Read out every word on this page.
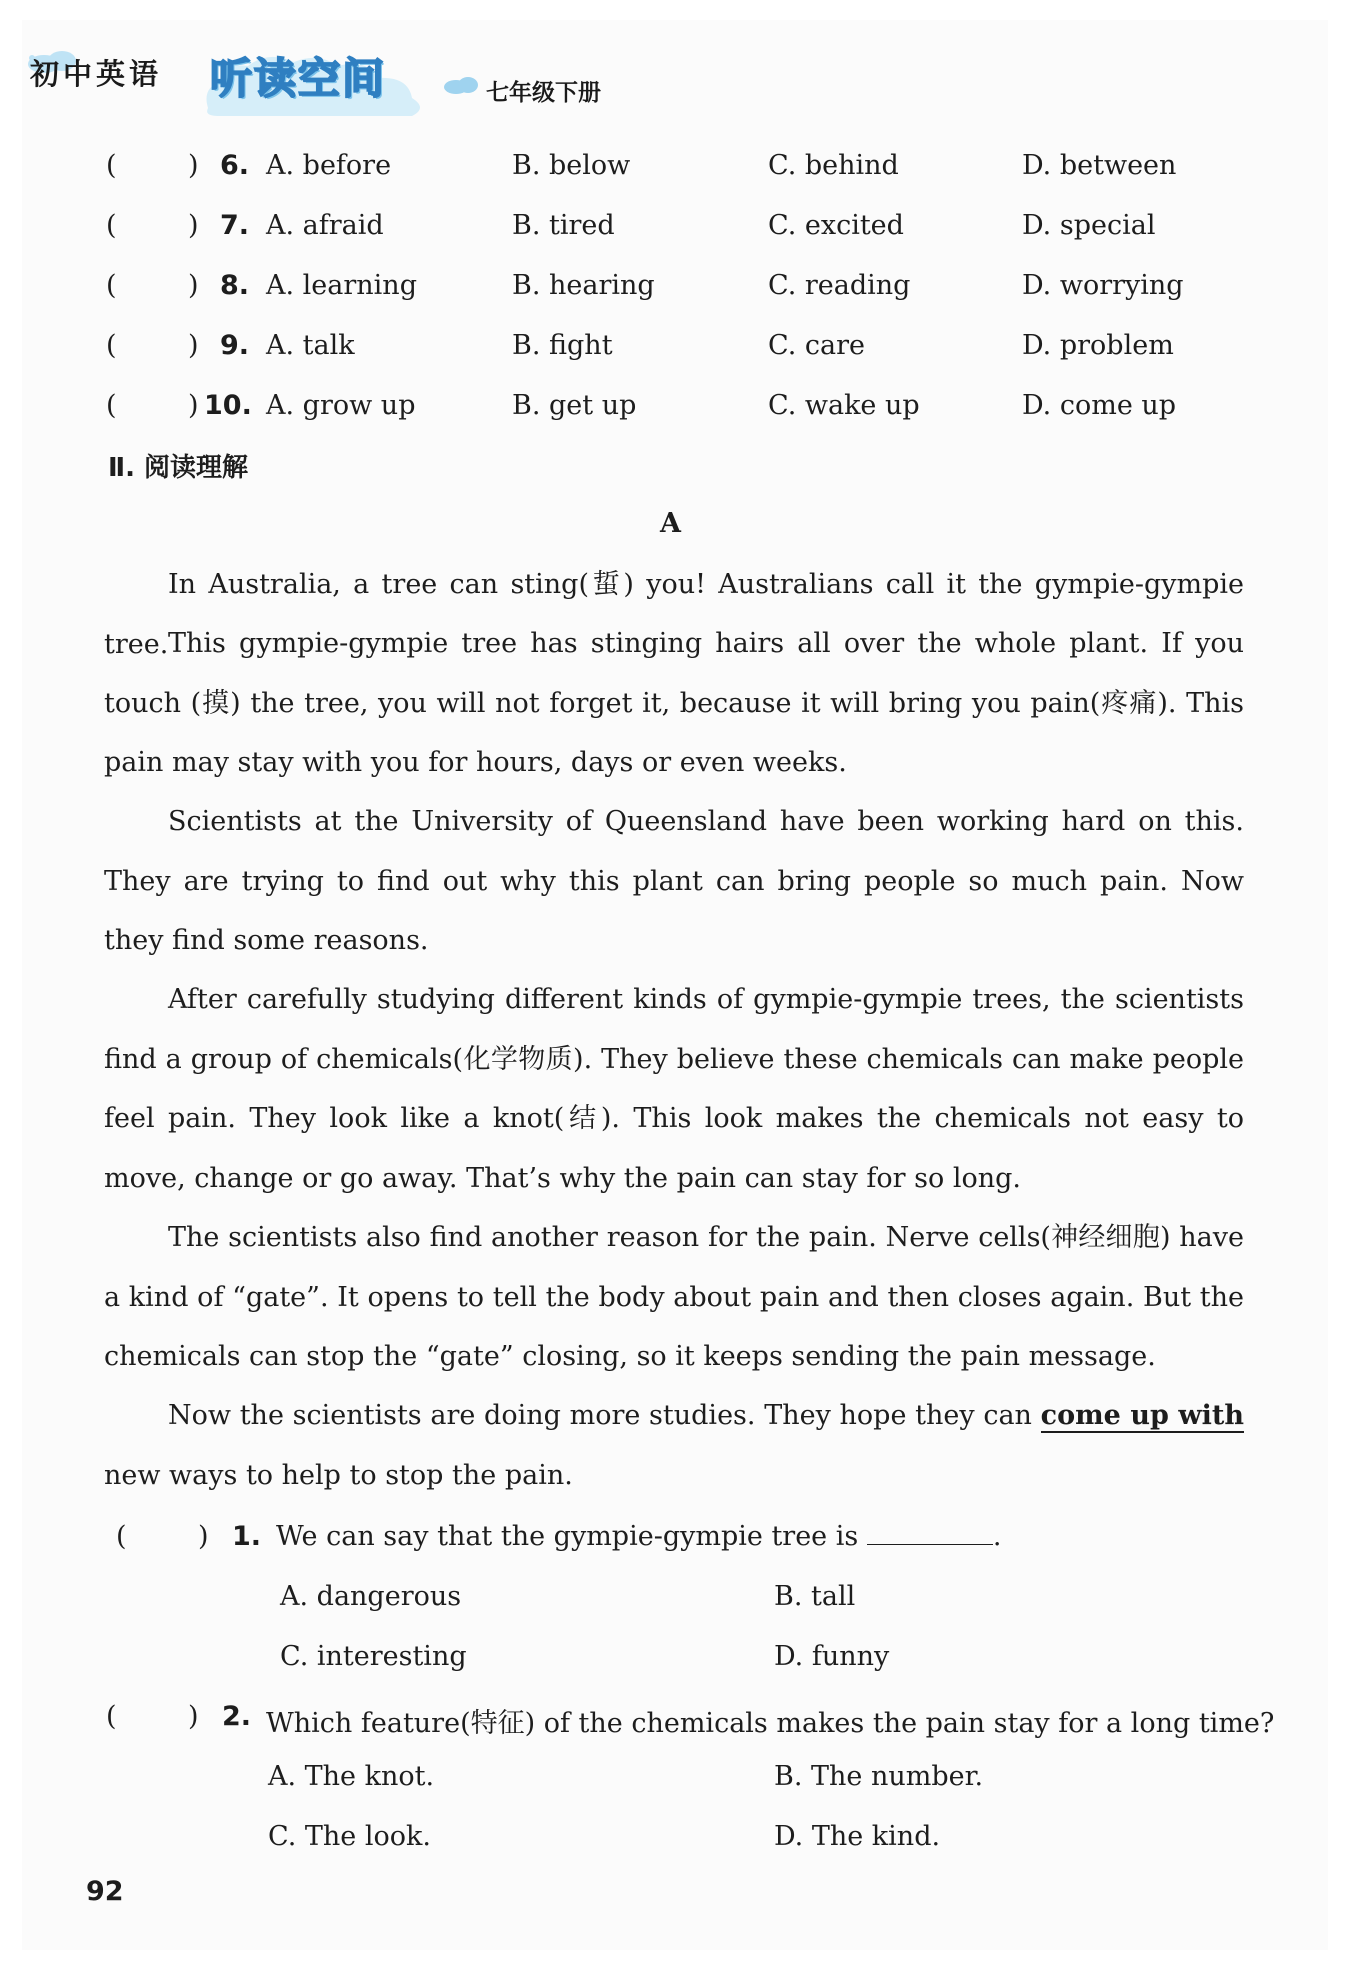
初中英语 听读空间	七年级下册
(	) 6. A. before	B. below	C. behind	D. between
(	) 7. A. afraid	B. tired	C. excited	D. special
(	) 8. A. learning	B. hearing	C. reading	D. worrying
(	) 9. A. talk	B. fight	C. care	D. problem
(	) 10. A. grow up	B. get up	C. wake up	D. come up
Ⅱ. 阅读理解
A

In Australia, a tree can sting(蜇) you! Australians call it the gympie-gympie tree. This gympie-gympie tree has stinging hairs all over the whole plant. If you touch (摸) the tree, you will not forget it, because it will bring you pain(疼痛). This pain may stay with you for hours, days or even weeks.

Scientists at the University of Queensland have been working hard on this. They are trying to find out why this plant can bring people so much pain. Now they find some reasons.

After carefully studying different kinds of gympie-gympie trees, the scientists find a group of chemicals(化学物质). They believe these chemicals can make people feel pain. They look like a knot(结). This look makes the chemicals not easy to move, change or go away. That’s why the pain can stay for so long.

The scientists also find another reason for the pain. Nerve cells(神经细胞) have a kind of “gate”. It opens to tell the body about pain and then closes again. But the chemicals can stop the “gate” closing, so it keeps sending the pain message.

Now the scientists are doing more studies. They hope they can come up with new ways to help to stop the pain.

(	) 1. We can say that the gympie-gympie tree is	.
A. dangerous	B. tall
C. interesting	D. funny
(	) 2. Which feature(特征) of the chemicals makes the pain stay for a long time?
A. The knot.	B. The number.
C. The look.	D. The kind.
92
